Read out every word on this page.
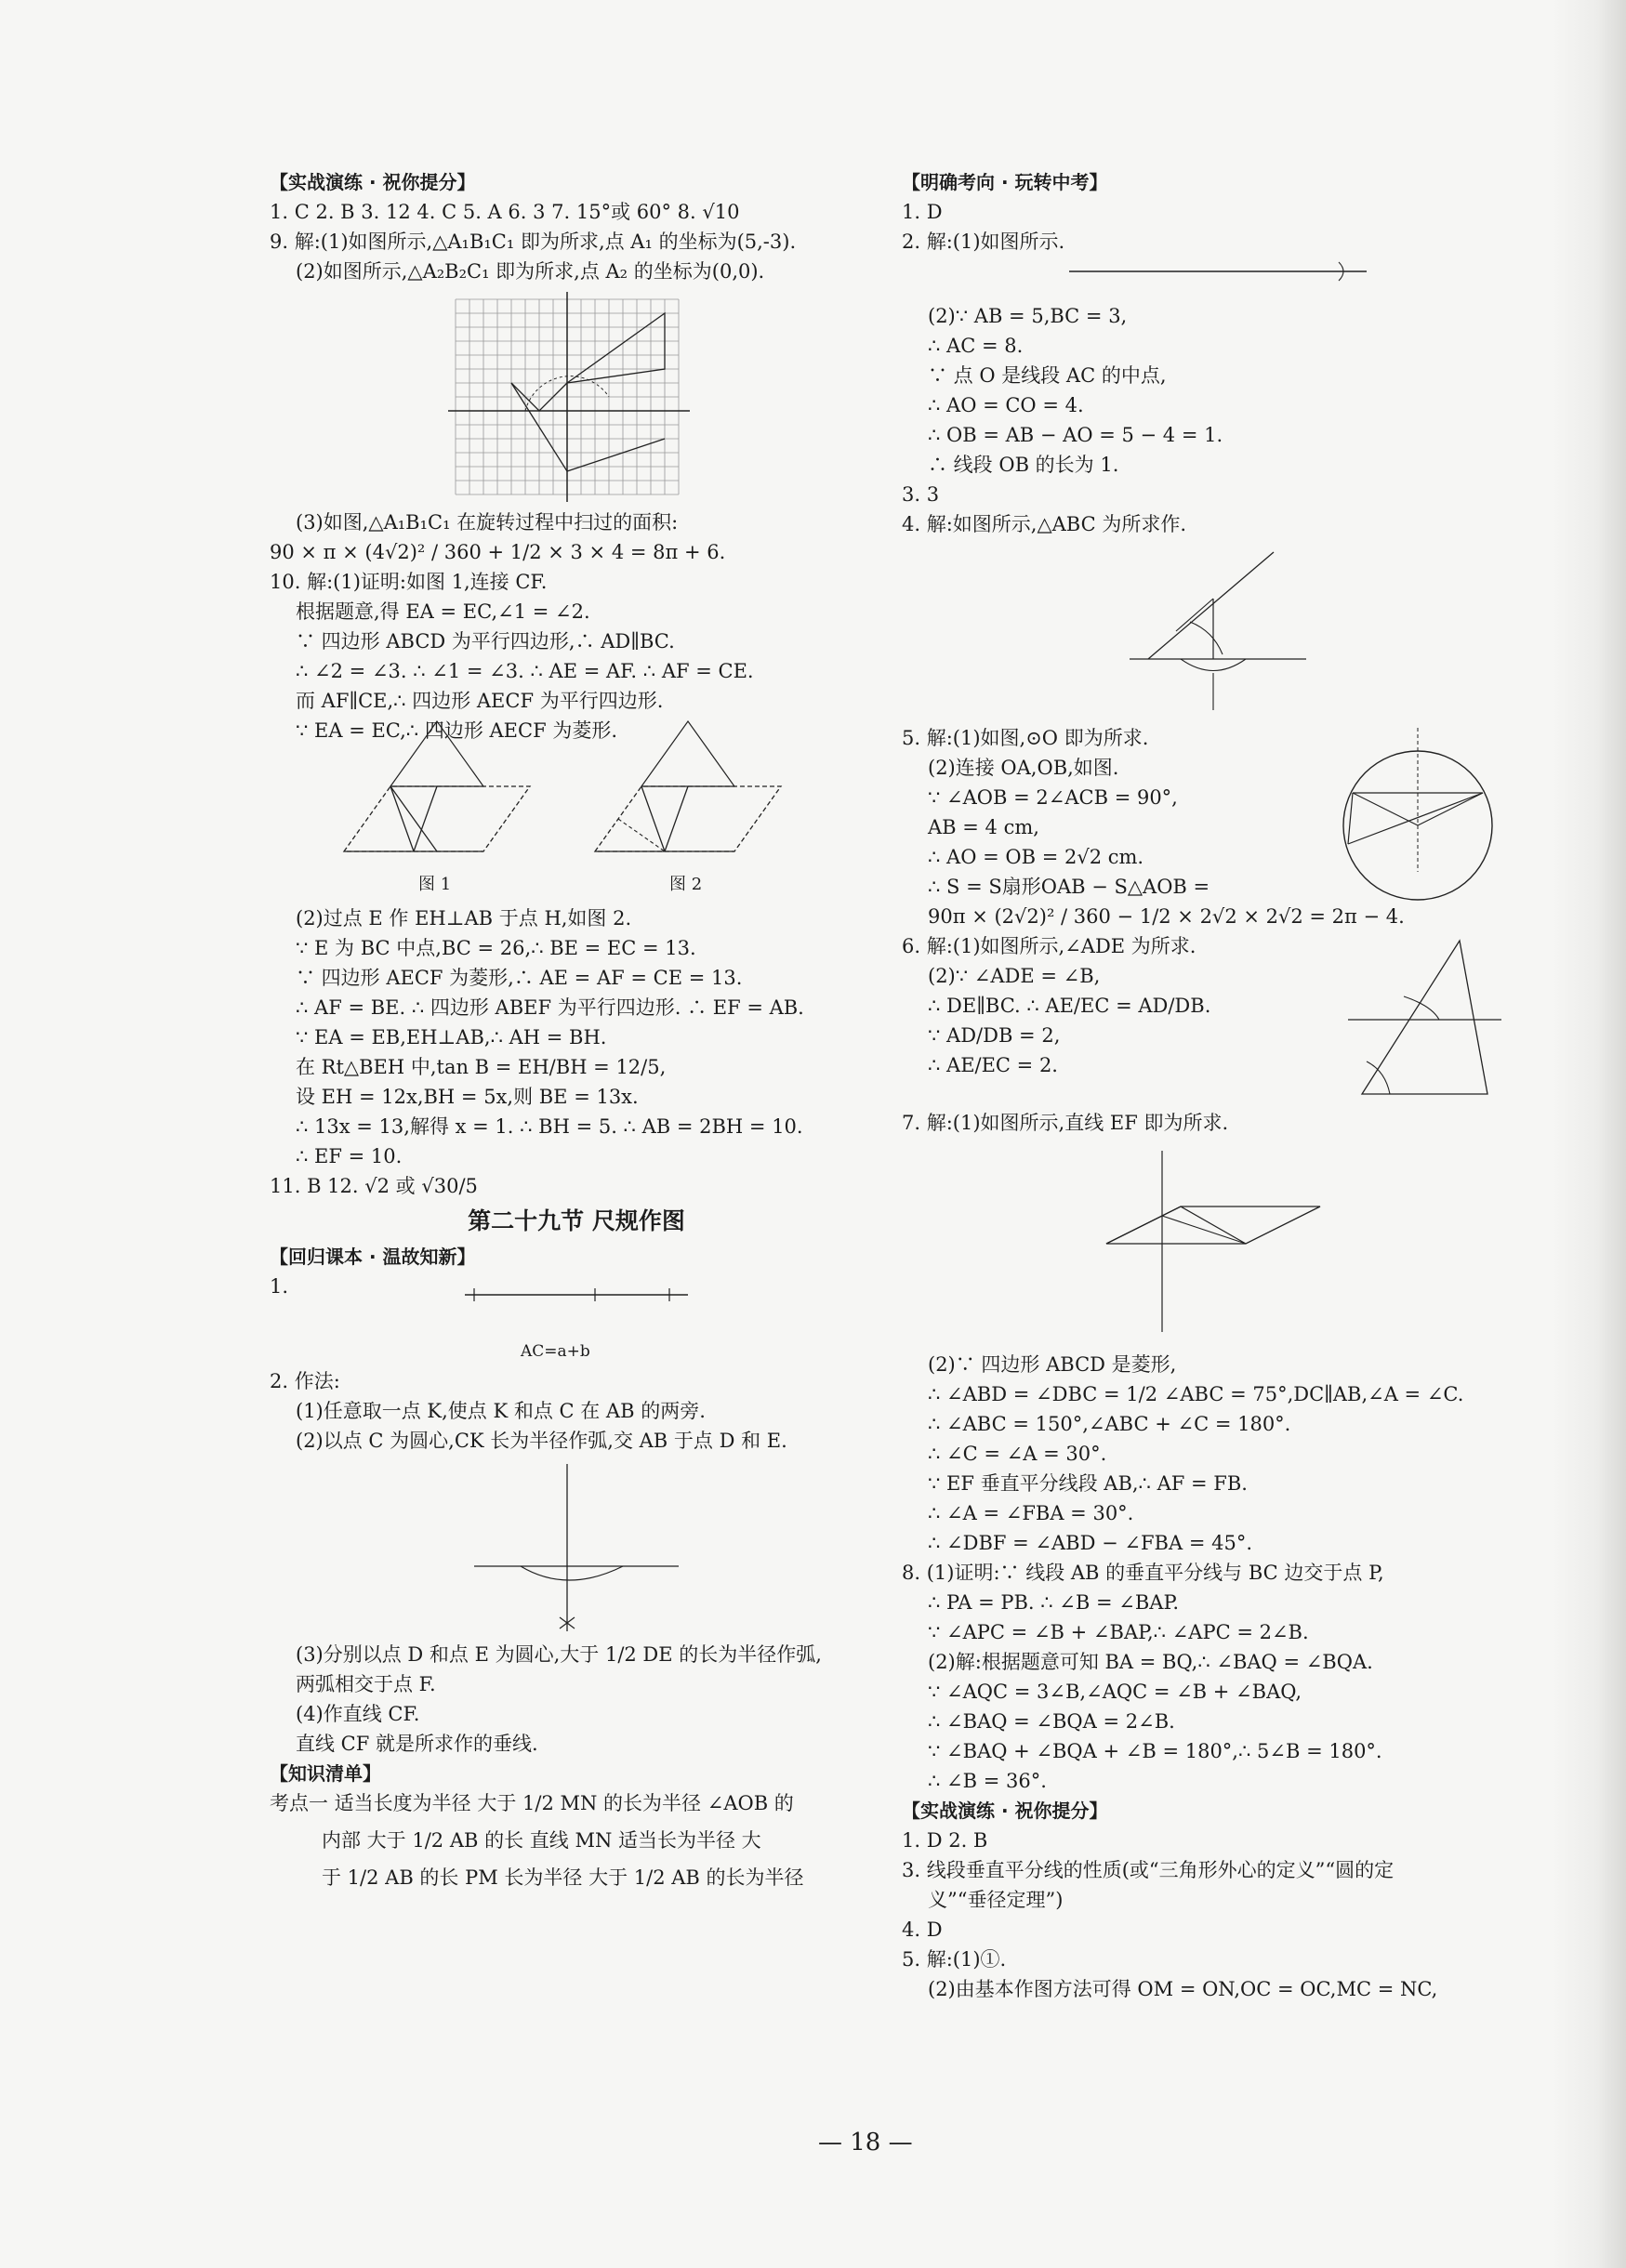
【实战演练 · 祝你提分】
1. C 2. B 3. 12 4. C 5. A 6. 3 7. 15°或 60° 8. √10
9. 解:(1)如图所示,△A₁B₁C₁ 即为所求,点 A₁ 的坐标为(5,-3).
(2)如图所示,△A₂B₂C₁ 即为所求,点 A₂ 的坐标为(0,0).
(3)如图,△A₁B₁C₁ 在旋转过程中扫过的面积:
90 × π × (4√2)² / 360 + 1/2 × 3 × 4 = 8π + 6.
10. 解:(1)证明:如图 1,连接 CF.
根据题意,得 EA = EC,∠1 = ∠2.
∵ 四边形 ABCD 为平行四边形,∴ AD∥BC.
∴ ∠2 = ∠3. ∴ ∠1 = ∠3. ∴ AE = AF. ∴ AF = CE.
而 AF∥CE,∴ 四边形 AECF 为平行四边形.
∵ EA = EC,∴ 四边形 AECF 为菱形.
图 1	图 2
(2)过点 E 作 EH⊥AB 于点 H,如图 2.
∵ E 为 BC 中点,BC = 26,∴ BE = EC = 13.
∵ 四边形 AECF 为菱形,∴ AE = AF = CE = 13.
∴ AF = BE. ∴ 四边形 ABEF 为平行四边形. ∴ EF = AB.
∵ EA = EB,EH⊥AB,∴ AH = BH.
在 Rt△BEH 中,tan B = EH/BH = 12/5,
设 EH = 12x,BH = 5x,则 BE = 13x.
∴ 13x = 13,解得 x = 1. ∴ BH = 5. ∴ AB = 2BH = 10.
∴ EF = 10.
11. B 12. √2 或 √30/5
第二十九节 尺规作图
【回归课本 · 温故知新】
1.
AC=a+b
2. 作法:
(1)任意取一点 K,使点 K 和点 C 在 AB 的两旁.
(2)以点 C 为圆心,CK 长为半径作弧,交 AB 于点 D 和 E.
(3)分别以点 D 和点 E 为圆心,大于 1/2 DE 的长为半径作弧,
两弧相交于点 F.
(4)作直线 CF.
直线 CF 就是所求作的垂线.
【知识清单】
考点一 适当长度为半径 大于 1/2 MN 的长为半径 ∠AOB 的
内部 大于 1/2 AB 的长 直线 MN 适当长为半径 大
于 1/2 AB 的长 PM 长为半径 大于 1/2 AB 的长为半径
【明确考向 · 玩转中考】
1. D
2. 解:(1)如图所示.
(2)∵ AB = 5,BC = 3,
∴ AC = 8.
∵ 点 O 是线段 AC 的中点,
∴ AO = CO = 4.
∴ OB = AB − AO = 5 − 4 = 1.
∴ 线段 OB 的长为 1.
3. 3
4. 解:如图所示,△ABC 为所求作.
5. 解:(1)如图,⊙O 即为所求.
(2)连接 OA,OB,如图.
∵ ∠AOB = 2∠ACB = 90°,
AB = 4 cm,
∴ AO = OB = 2√2 cm.
∴ S = S扇形OAB − S△AOB =
90π × (2√2)² / 360 − 1/2 × 2√2 × 2√2 = 2π − 4.
6. 解:(1)如图所示,∠ADE 为所求.
(2)∵ ∠ADE = ∠B,
∴ DE∥BC. ∴ AE/EC = AD/DB.
∵ AD/DB = 2,
∴ AE/EC = 2.
7. 解:(1)如图所示,直线 EF 即为所求.
(2)∵ 四边形 ABCD 是菱形,
∴ ∠ABD = ∠DBC = 1/2 ∠ABC = 75°,DC∥AB,∠A = ∠C.
∴ ∠ABC = 150°,∠ABC + ∠C = 180°.
∴ ∠C = ∠A = 30°.
∵ EF 垂直平分线段 AB,∴ AF = FB.
∴ ∠A = ∠FBA = 30°.
∴ ∠DBF = ∠ABD − ∠FBA = 45°.
8. (1)证明:∵ 线段 AB 的垂直平分线与 BC 边交于点 P,
∴ PA = PB. ∴ ∠B = ∠BAP.
∵ ∠APC = ∠B + ∠BAP,∴ ∠APC = 2∠B.
(2)解:根据题意可知 BA = BQ,∴ ∠BAQ = ∠BQA.
∵ ∠AQC = 3∠B,∠AQC = ∠B + ∠BAQ,
∴ ∠BAQ = ∠BQA = 2∠B.
∵ ∠BAQ + ∠BQA + ∠B = 180°,∴ 5∠B = 180°.
∴ ∠B = 36°.
【实战演练 · 祝你提分】
1. D 2. B
3. 线段垂直平分线的性质(或“三角形外心的定义”“圆的定
义”“垂径定理”)
4. D
5. 解:(1)①.
(2)由基本作图方法可得 OM = ON,OC = OC,MC = NC,
— 18 —
